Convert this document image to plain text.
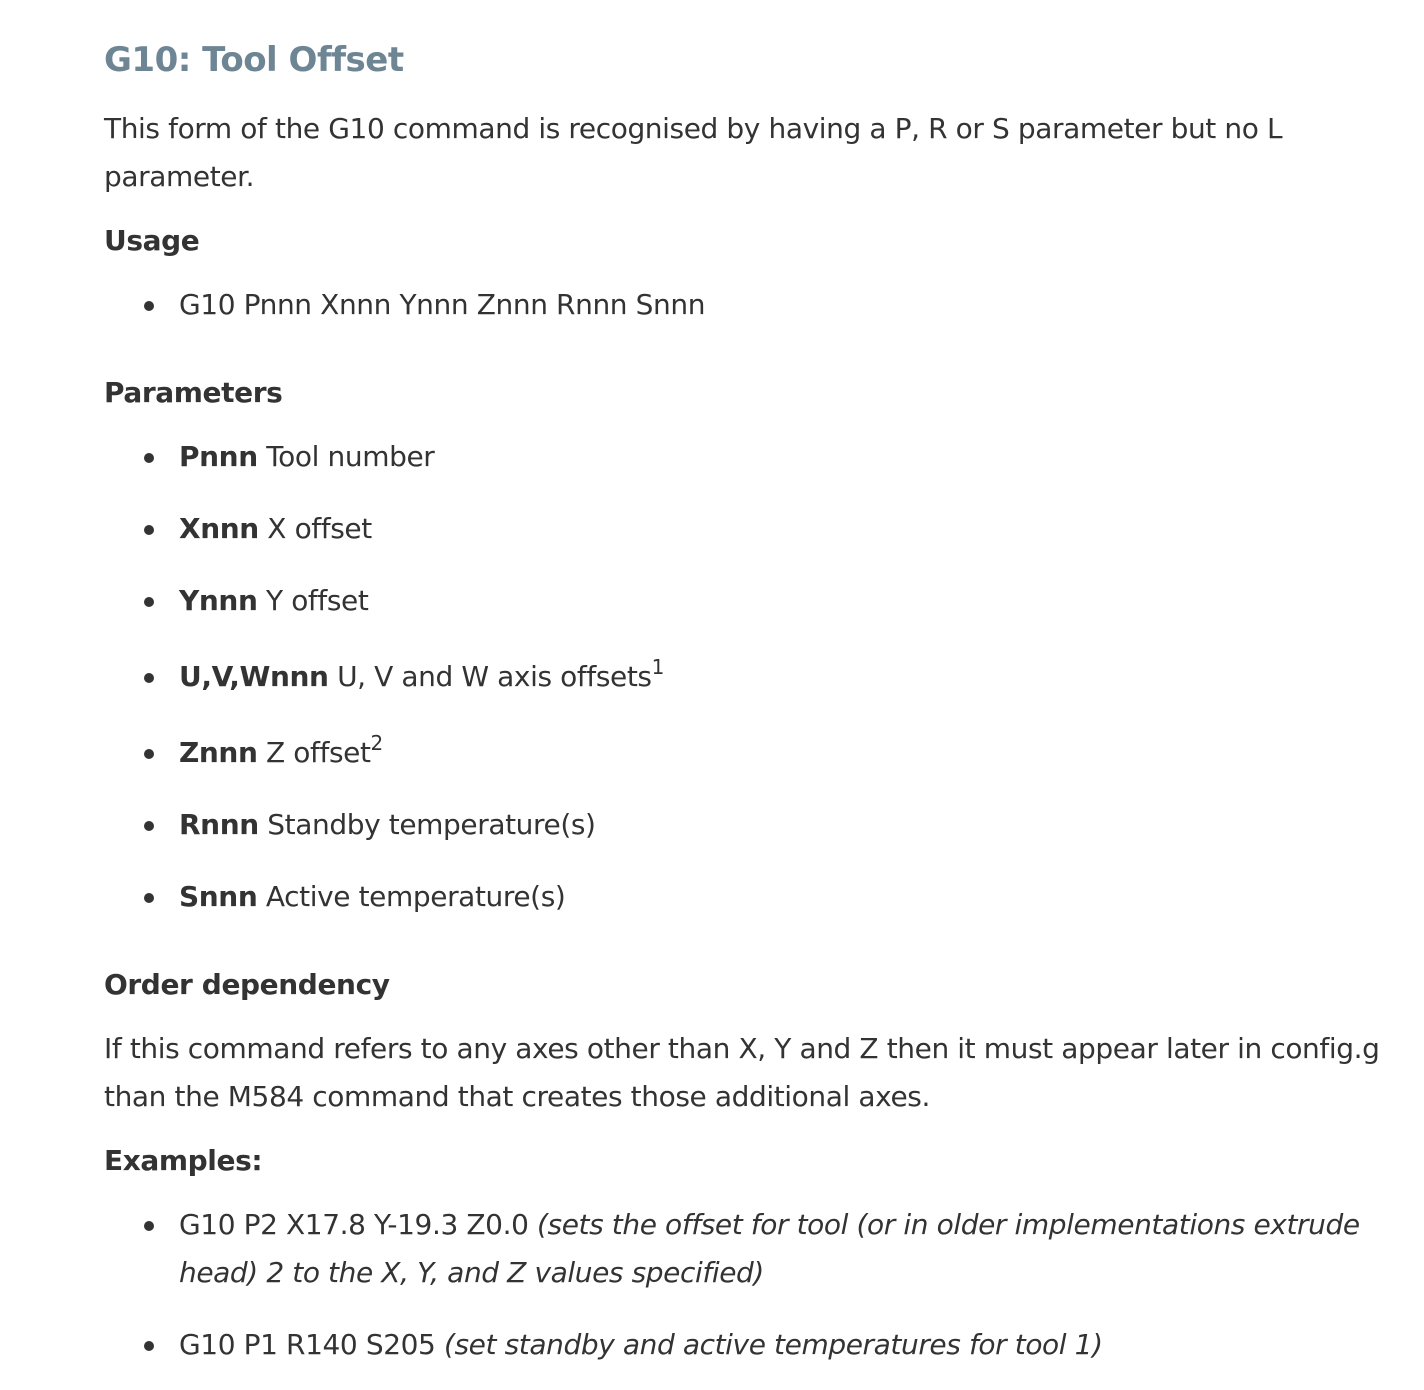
G10: Tool Offset

This form of the G10 command is recognised by having a P, R or S parameter but no L parameter.

Usage
G10 Pnnn Xnnn Ynnn Znnn Rnnn Snnn
Parameters
Pnnn Tool number
Xnnn X offset
Ynnn Y offset
U,V,Wnnn U, V and W axis offsets$^1$
Znnn Z offset$^2$
Rnnn Standby temperature(s)
Snnn Active temperature(s)
Order dependency

If this command refers to any axes other than X, Y and Z then it must appear later in config.g than the M584 command that creates those additional axes.

Examples:
G10 P2 X17.8 Y-19.3 Z0.0 (sets the offset for tool (or in older implementations extrude head) 2 to the X, Y, and Z values specified)
G10 P1 R140 S205 (set standby and active temperatures for tool 1)
